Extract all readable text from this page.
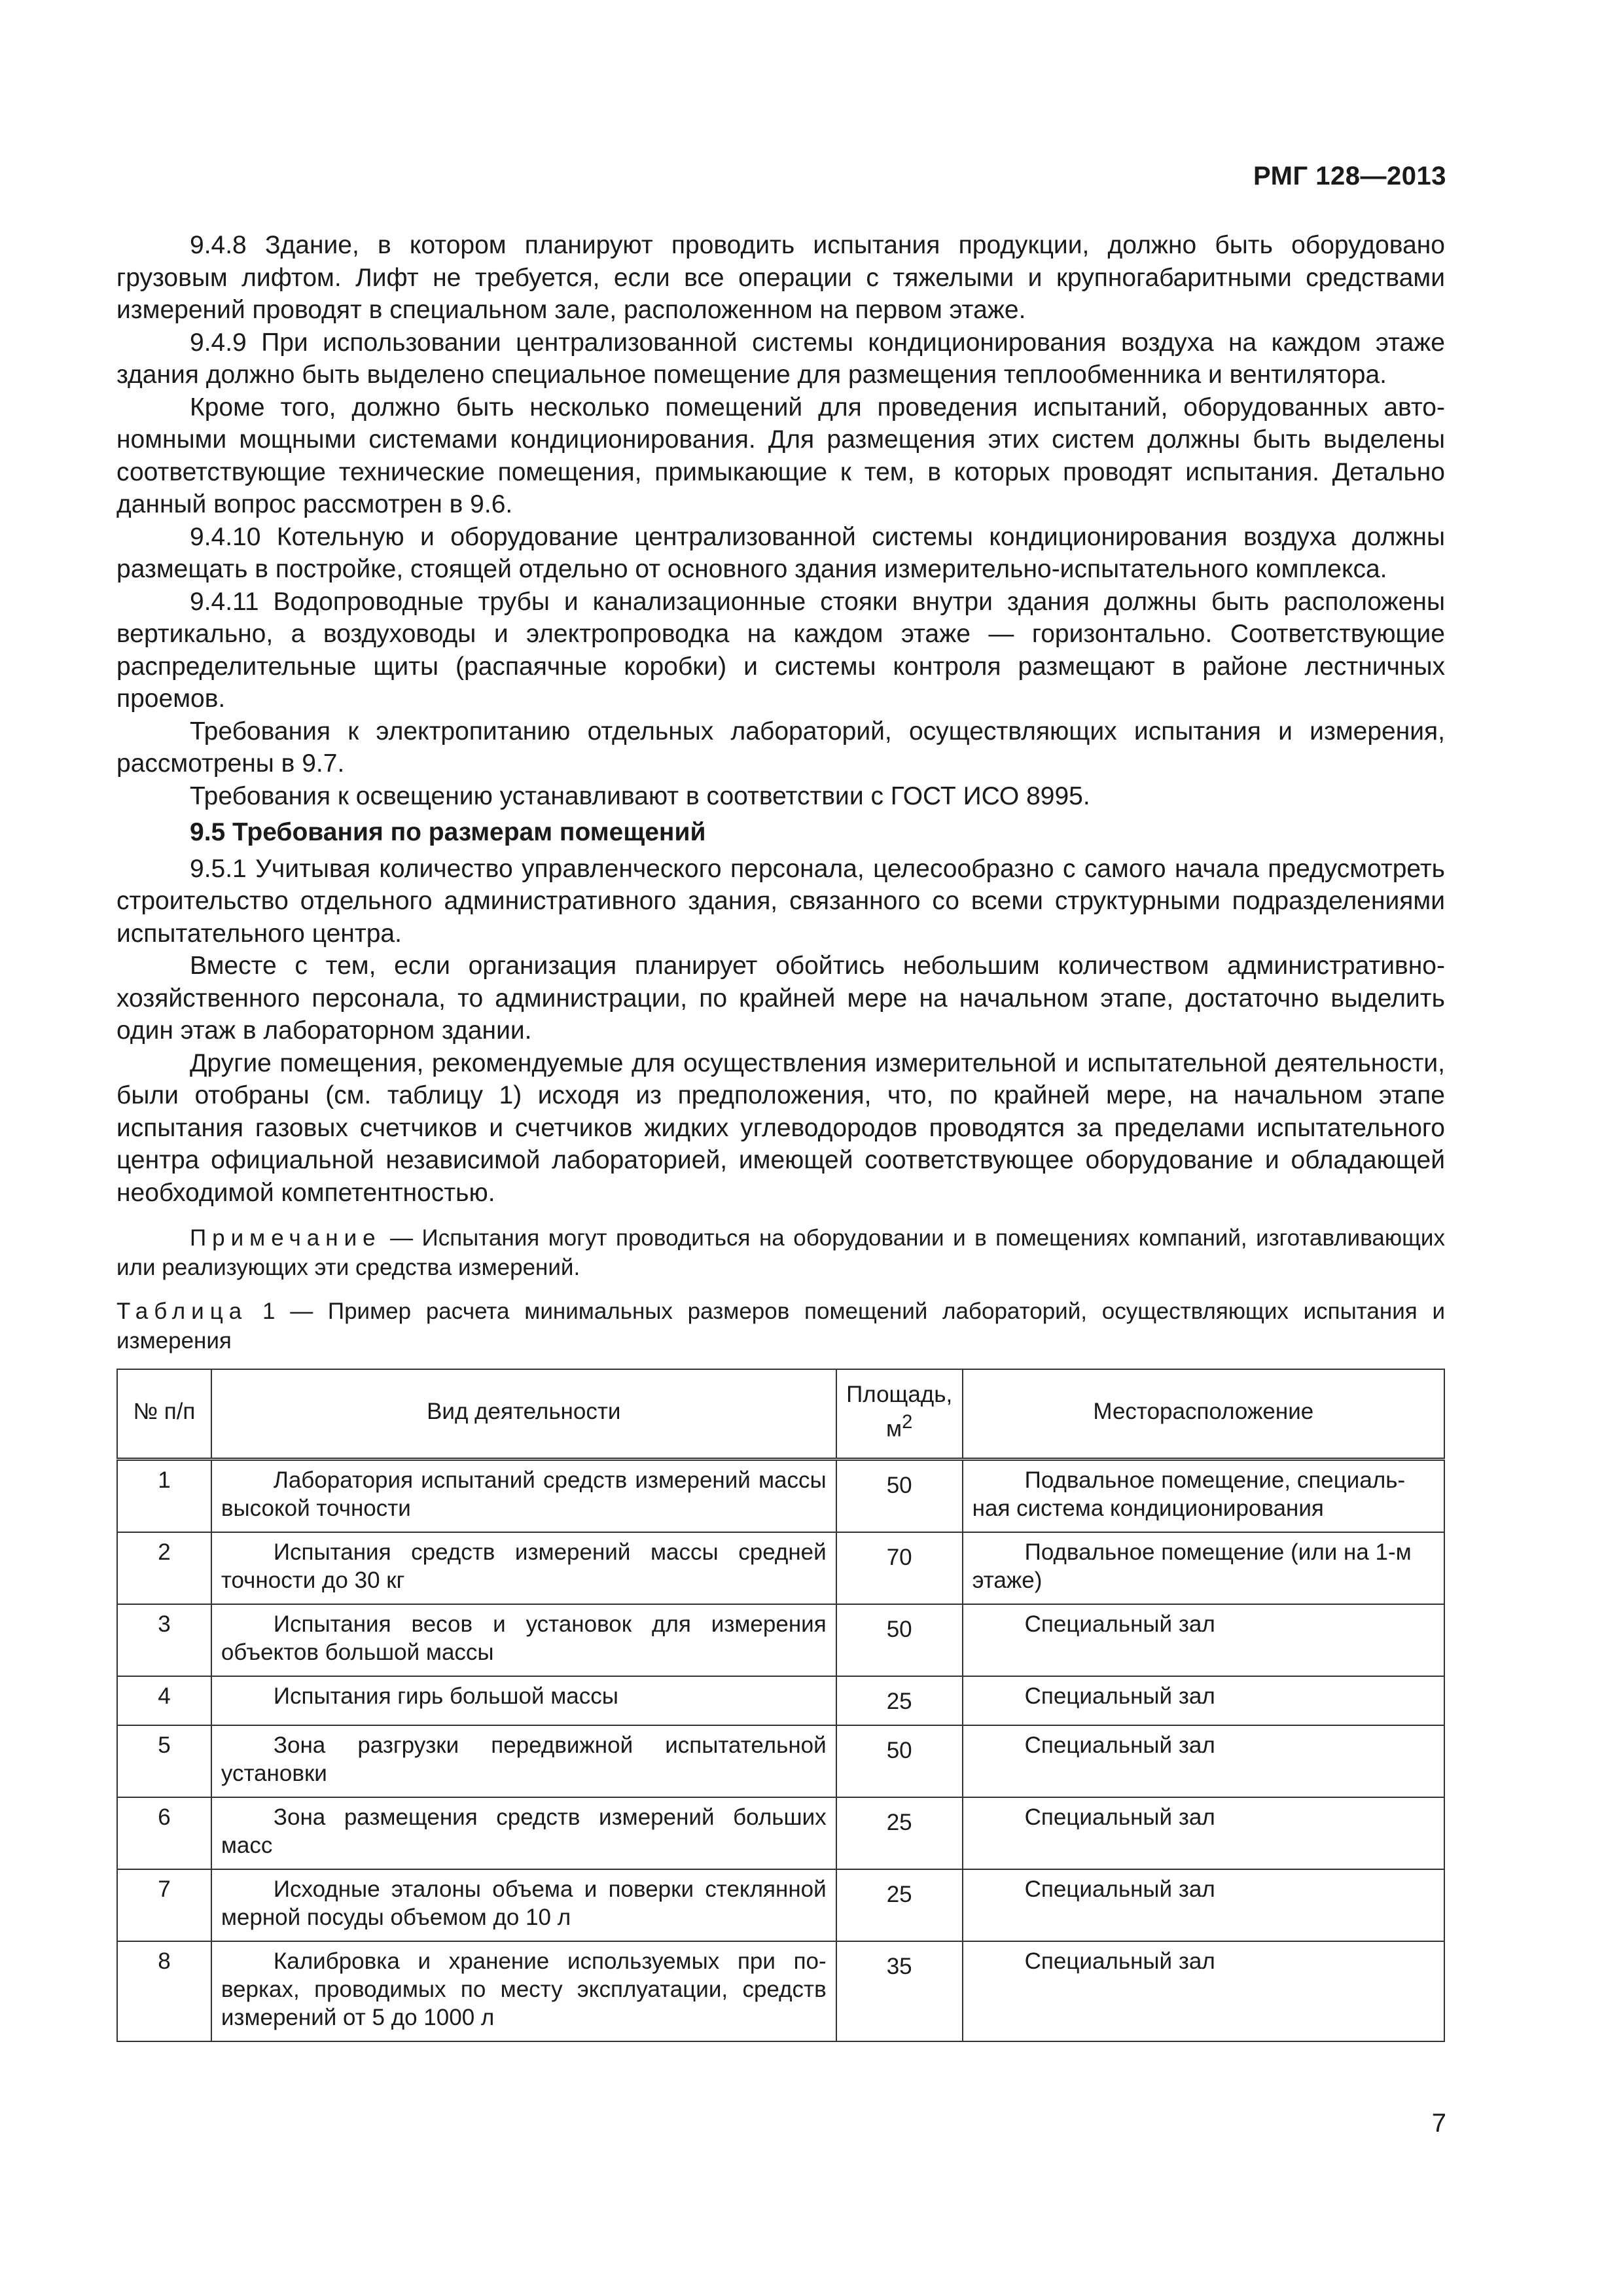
РМГ 128—2013

9.4.8 Здание, в котором планируют проводить испытания продукции, должно быть оборудовано грузовым лифтом. Лифт не требуется, если все операции с тяжелыми и крупногабаритными средствами измерений проводят в специальном зале, расположенном на первом этаже.

9.4.9 При использовании централизованной системы кондиционирования воздуха на каждом этаже здания должно быть выделено специальное помещение для размещения теплообменника и вентилятора.

Кроме того, должно быть несколько помещений для проведения испытаний, оборудованных автономными мощными системами кондиционирования. Для размещения этих систем должны быть выделены соответствующие технические помещения, примыкающие к тем, в которых проводят испытания. Детально данный вопрос рассмотрен в 9.6.

9.4.10 Котельную и оборудование централизованной системы кондиционирования воздуха должны размещать в постройке, стоящей отдельно от основного здания измерительно-испытательного комплекса.

9.4.11 Водопроводные трубы и канализационные стояки внутри здания должны быть расположены вертикально, а воздуховоды и электропроводка на каждом этаже — горизонтально. Соответствующие распределительные щиты (распаячные коробки) и системы контроля размещают в районе лестничных проемов.

Требования к электропитанию отдельных лабораторий, осуществляющих испытания и измерения, рассмотрены в 9.7.

Требования к освещению устанавливают в соответствии с ГОСТ ИСО 8995.

9.5 Требования по размерам помещений

9.5.1 Учитывая количество управленческого персонала, целесообразно с самого начала предусмотреть строительство отдельного административного здания, связанного со всеми структурными подразделениями испытательного центра.

Вместе с тем, если организация планирует обойтись небольшим количеством административно-хозяйственного персонала, то администрации, по крайней мере на начальном этапе, достаточно выделить один этаж в лабораторном здании.

Другие помещения, рекомендуемые для осуществления измерительной и испытательной деятельности, были отобраны (см. таблицу 1) исходя из предположения, что, по крайней мере, на начальном этапе испытания газовых счетчиков и счетчиков жидких углеводородов проводятся за пределами испытательного центра официальной независимой лабораторией, имеющей соответствующее оборудование и обладающей необходимой компетентностью.

Примечание — Испытания могут проводиться на оборудовании и в помещениях компаний, изготавливающих или реализующих эти средства измерений.

Таблица 1 — Пример расчета минимальных размеров помещений лабораторий, осуществляющих испытания и измерения

№ п/п	Вид деятельности	Площадь, $м^2$	Месторасположение
1	Лаборатория испытаний средств измерений массы высокой точности	50	Подвальное помещение, специальная система кондиционирования
2	Испытания средств измерений массы средней точности до 30 кг	70	Подвальное помещение (или на 1-м этаже)
3	Испытания весов и установок для измерения объектов большой массы	50	Специальный зал
4	Испытания гирь большой массы	25	Специальный зал
5	Зона разгрузки передвижной испытательной установки	50	Специальный зал
6	Зона размещения средств измерений больших масс	25	Специальный зал
7	Исходные эталоны объема и поверки стеклянной мерной посуды объемом до 10 л	25	Специальный зал
8	Калибровка и хранение используемых при поверках, проводимых по месту эксплуатации, средств измерений от 5 до 1000 л	35	Специальный зал
7
